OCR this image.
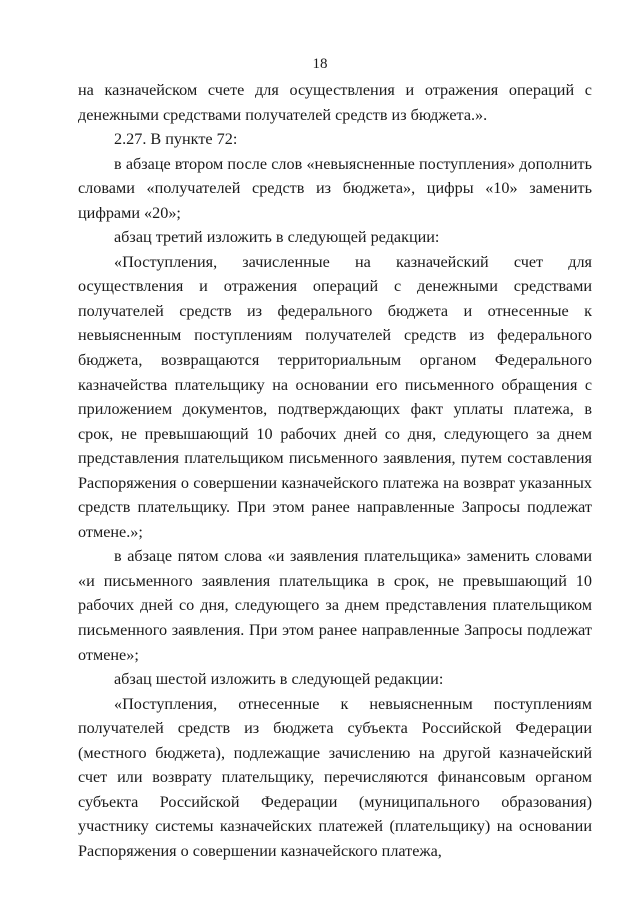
18

на казначейском счете для осуществления и отражения операций с денежными средствами получателей средств из бюджета.».

2.27. В пункте 72:

в абзаце втором после слов «невыясненные поступления» дополнить словами «получателей средств из бюджета», цифры «10» заменить цифрами «20»;

абзац третий изложить в следующей редакции:

«Поступления, зачисленные на казначейский счет для осуществления и отражения операций с денежными средствами получателей средств из федерального бюджета и отнесенные к невыясненным поступлениям получателей средств из федерального бюджета, возвращаются территориальным органом Федерального казначейства плательщику на основании его письменного обращения с приложением документов, подтверждающих факт уплаты платежа, в срок, не превышающий 10 рабочих дней со дня, следующего за днем представления плательщиком письменного заявления, путем составления Распоряжения о совершении казначейского платежа на возврат указанных средств плательщику. При этом ранее направленные Запросы подлежат отмене.»;

в абзаце пятом слова «и заявления плательщика» заменить словами «и письменного заявления плательщика в срок, не превышающий 10 рабочих дней со дня, следующего за днем представления плательщиком письменного заявления. При этом ранее направленные Запросы подлежат отмене»;

абзац шестой изложить в следующей редакции:

«Поступления, отнесенные к невыясненным поступлениям получателей средств из бюджета субъекта Российской Федерации (местного бюджета), подлежащие зачислению на другой казначейский счет или возврату плательщику, перечисляются финансовым органом субъекта Российской Федерации (муниципального образования) участнику системы казначейских платежей (плательщику) на основании Распоряжения о совершении казначейского платежа,
